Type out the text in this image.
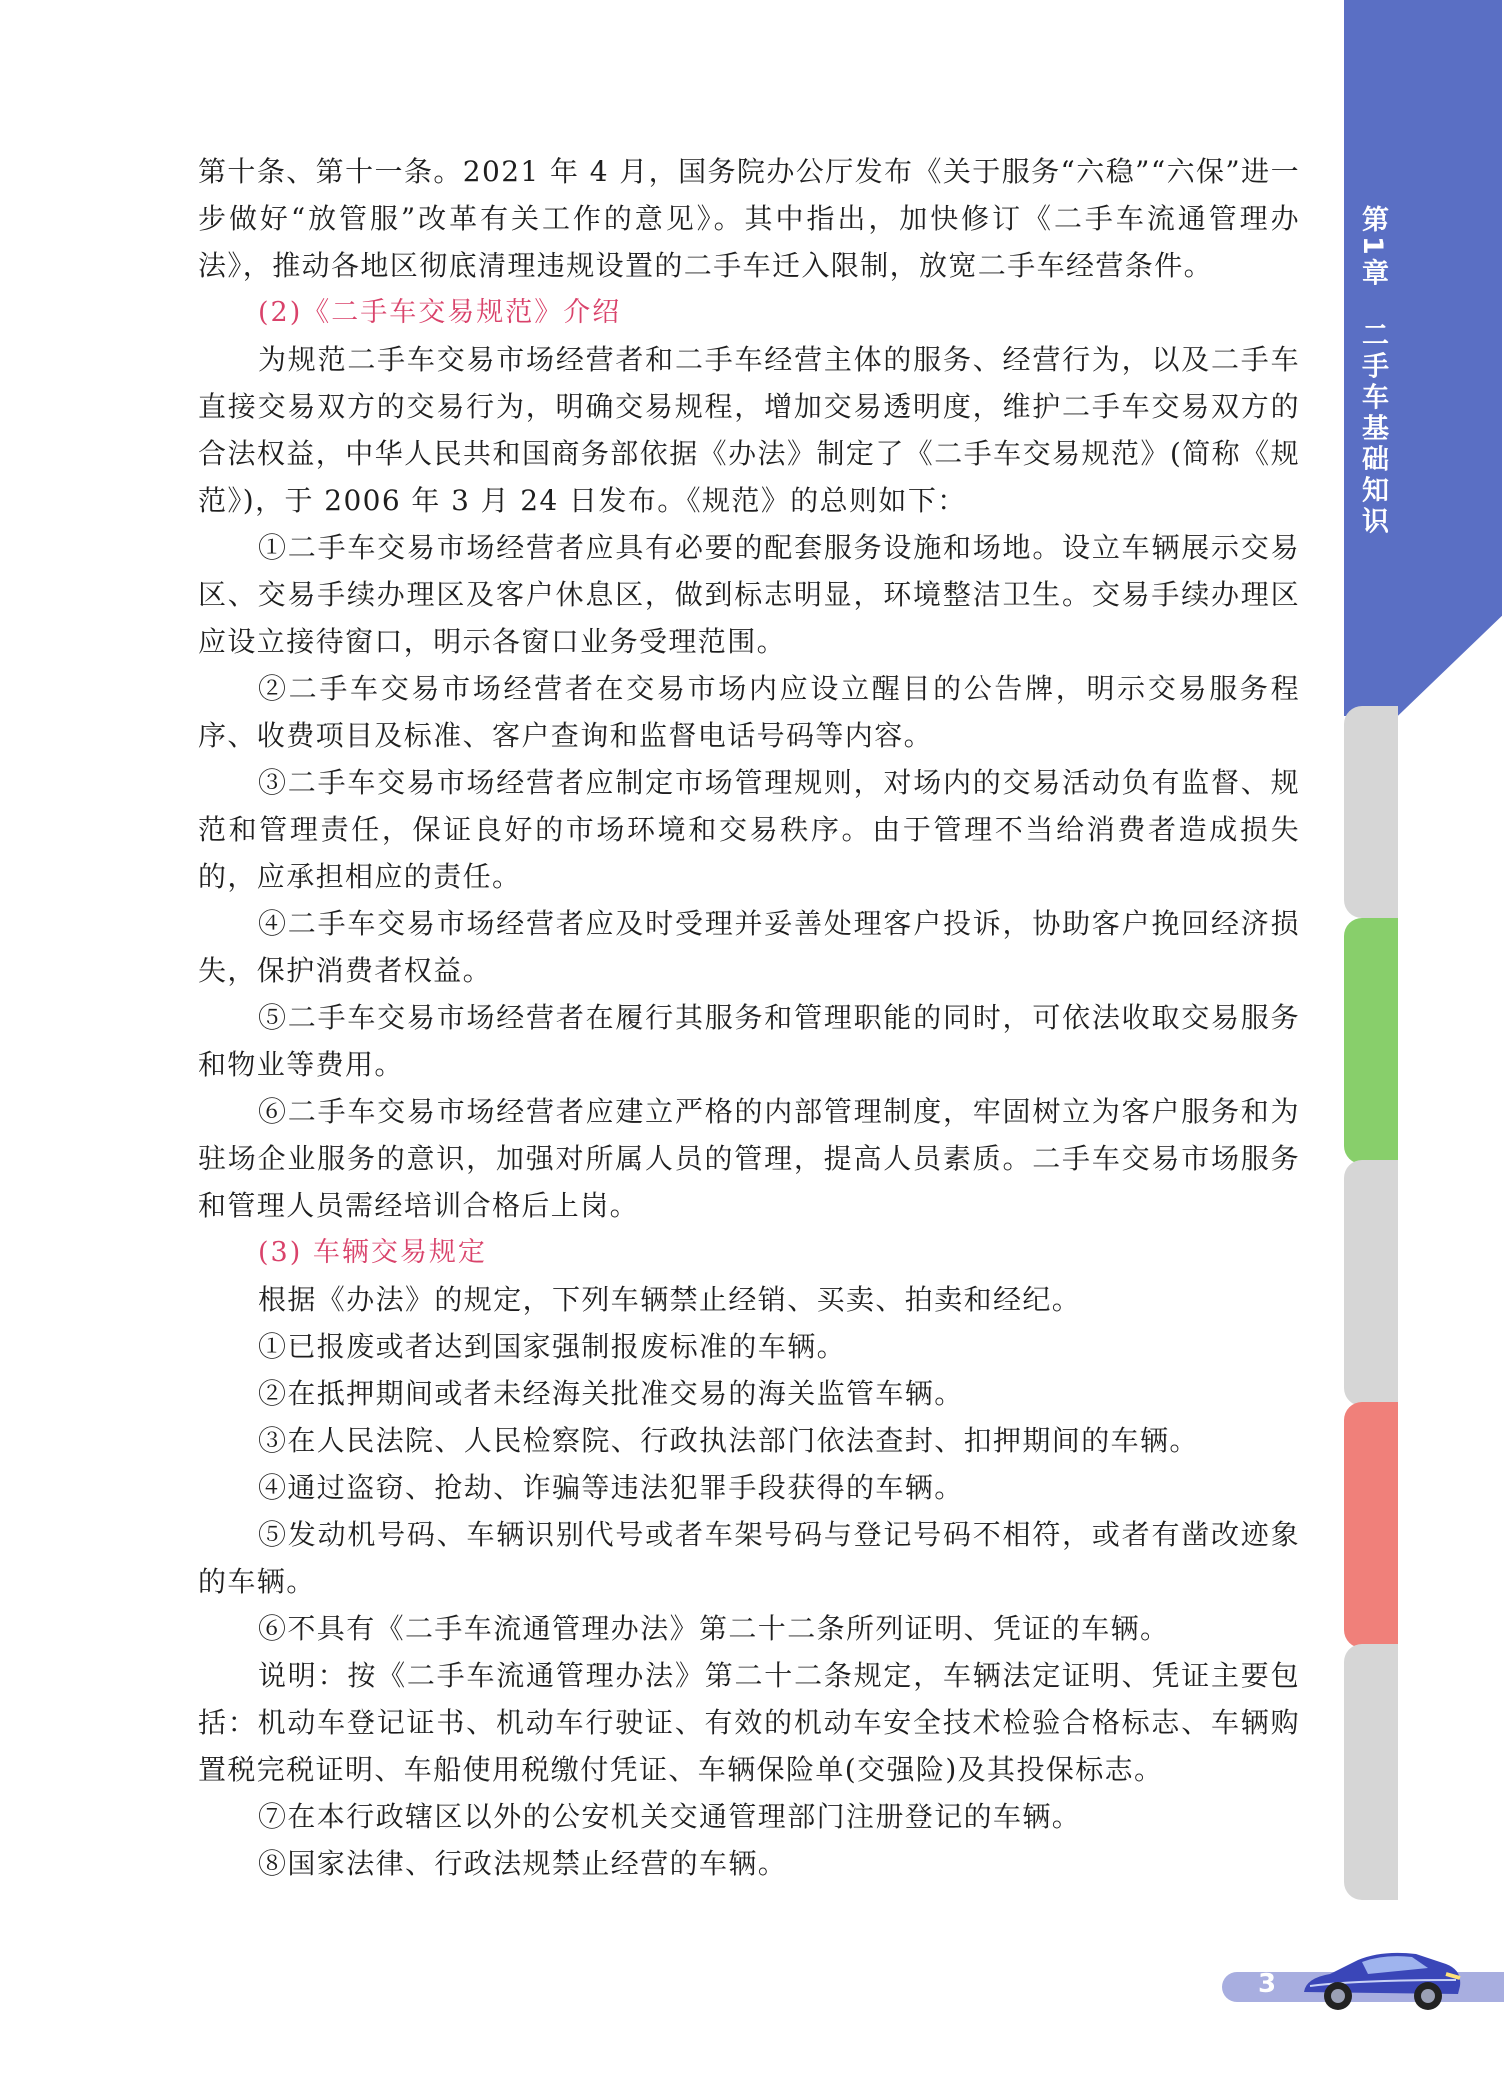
第1章　二手车基础知识

第十条、第十一条。2021 年 4 月，国务院办公厅发布《关于服务“六稳”“六保”进一步做好“放管服”改革有关工作的意见》。其中指出，加快修订《二手车流通管理办法》，推动各地区彻底清理违规设置的二手车迁入限制，放宽二手车经营条件。

(2)《二手车交易规范》介绍

为规范二手车交易市场经营者和二手车经营主体的服务、经营行为，以及二手车直接交易双方的交易行为，明确交易规程，增加交易透明度，维护二手车交易双方的合法权益，中华人民共和国商务部依据《办法》制定了《二手车交易规范》(简称《规范》)，于 2006 年 3 月 24 日发布。《规范》的总则如下：

①二手车交易市场经营者应具有必要的配套服务设施和场地。设立车辆展示交易区、交易手续办理区及客户休息区，做到标志明显，环境整洁卫生。交易手续办理区应设立接待窗口，明示各窗口业务受理范围。

②二手车交易市场经营者在交易市场内应设立醒目的公告牌，明示交易服务程序、收费项目及标准、客户查询和监督电话号码等内容。

③二手车交易市场经营者应制定市场管理规则，对场内的交易活动负有监督、规范和管理责任，保证良好的市场环境和交易秩序。由于管理不当给消费者造成损失的，应承担相应的责任。

④二手车交易市场经营者应及时受理并妥善处理客户投诉，协助客户挽回经济损失，保护消费者权益。

⑤二手车交易市场经营者在履行其服务和管理职能的同时，可依法收取交易服务和物业等费用。

⑥二手车交易市场经营者应建立严格的内部管理制度，牢固树立为客户服务和为驻场企业服务的意识，加强对所属人员的管理，提高人员素质。二手车交易市场服务和管理人员需经培训合格后上岗。

(3) 车辆交易规定

根据《办法》的规定，下列车辆禁止经销、买卖、拍卖和经纪。

①已报废或者达到国家强制报废标准的车辆。

②在抵押期间或者未经海关批准交易的海关监管车辆。

③在人民法院、人民检察院、行政执法部门依法查封、扣押期间的车辆。

④通过盗窃、抢劫、诈骗等违法犯罪手段获得的车辆。

⑤发动机号码、车辆识别代号或者车架号码与登记号码不相符，或者有凿改迹象的车辆。

⑥不具有《二手车流通管理办法》第二十二条所列证明、凭证的车辆。

说明：按《二手车流通管理办法》第二十二条规定，车辆法定证明、凭证主要包括：机动车登记证书、机动车行驶证、有效的机动车安全技术检验合格标志、车辆购置税完税证明、车船使用税缴付凭证、车辆保险单(交强险)及其投保标志。

⑦在本行政辖区以外的公安机关交通管理部门注册登记的车辆。

⑧国家法律、行政法规禁止经营的车辆。

3
